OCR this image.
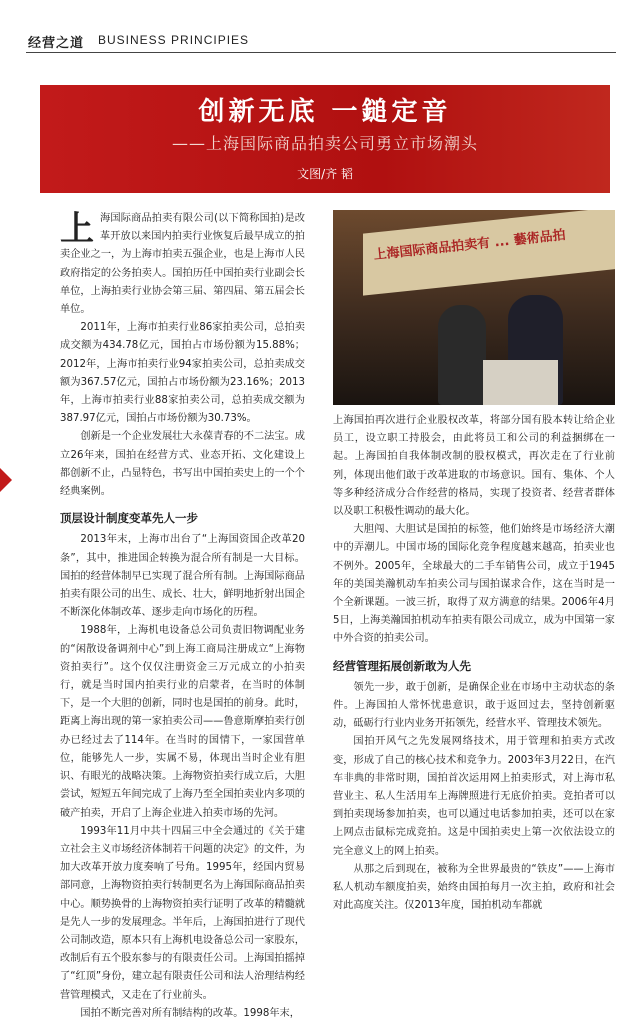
经营之道 BUSINESS PRINCIPIES
创新无底 一鎚定音
——上海国际商品拍卖公司勇立市场潮头
文图/齐 韬

上海国际商品拍卖有限公司(以下简称国拍)是改革开放以来国内拍卖行业恢复后最早成立的拍卖企业之一，为上海市拍卖五强企业，也是上海市人民政府指定的公务拍卖人。国拍历任中国拍卖行业副会长单位，上海拍卖行业协会第三届、第四届、第五届会长单位。

2011年，上海市拍卖行业86家拍卖公司，总拍卖成交额为434.78亿元，国拍占市场份额为15.88%；2012年，上海市拍卖行业94家拍卖公司，总拍卖成交额为367.57亿元，国拍占市场份额为23.16%；2013年，上海市拍卖行业88家拍卖公司，总拍卖成交额为387.97亿元，国拍占市场份额为30.73%。

创新是一个企业发展壮大永葆青春的不二法宝。成立26年来，国拍在经营方式、业态开拓、文化建设上都创新不止，凸显特色，书写出中国拍卖史上的一个个经典案例。

顶层设计制度变革先人一步

2013年末，上海市出台了“上海国资国企改革20条”，其中，推进国企转换为混合所有制是一大目标。国拍的经营体制早已实现了混合所有制。上海国际商品拍卖有限公司的出生、成长、壮大，鲜明地折射出国企不断深化体制改革、逐步走向市场化的历程。

1988年，上海机电设备总公司负责旧物调配业务的“闲散设备调剂中心”到上海工商局注册成立“上海物资拍卖行”。这个仅仅注册资金三万元成立的小拍卖行，就是当时国内拍卖行业的启蒙者，在当时的体制下，是一个大胆的创新，同时也是国拍的前身。此时，距离上海出现的第一家拍卖公司——鲁意斯摩拍卖行创办已经过去了114年。在当时的国情下，一家国营单位，能够先人一步，实属不易，体现出当时企业有胆识、有眼光的战略决策。上海物资拍卖行成立后，大胆尝试，短短五年间完成了上海乃至全国拍卖业内多项的破产拍卖，开启了上海企业进入拍卖市场的先河。

1993年11月中共十四届三中全会通过的《关于建立社会主义市场经济体制若干问题的决定》的文件，为加大改革开放力度奏响了号角。1995年，经国内贸易部同意，上海物资拍卖行转制更名为上海国际商品拍卖中心。顺势换骨的上海物资拍卖行证明了改革的精髓就是先人一步的发展理念。半年后，上海国拍进行了现代公司制改造，原本只有上海机电设备总公司一家股东，改制后有五个股东参与的有限责任公司。上海国拍摇掉了“红顶”身份，建立起有限责任公司和法人治理结构经营管理模式，又走在了行业前头。

国拍不断完善对所有制结构的改革。1998年末，

上海国际商品拍卖有 ... 藝術品拍

上海国拍再次进行企业股权改革，将部分国有股本转让给企业员工，设立职工持股会，由此将员工和公司的利益捆绑在一起。上海国拍自我体制改制的股权模式，再次走在了行业前列，体现出他们敢于改革进取的市场意识。国有、集体、个人等多种经济成分合作经营的格局，实现了投资者、经营者群体以及职工积极性调动的最大化。

大胆闯、大胆试是国拍的标签，他们始终是市场经济大潮中的弄潮儿。中国市场的国际化竞争程度越来越高，拍卖业也不例外。2005年，全球最大的二手车销售公司，成立于1945年的美国美瀚机动车拍卖公司与国拍谋求合作，这在当时是一个全新课题。一波三折，取得了双方满意的结果。2006年4月5日，上海美瀚国拍机动车拍卖有限公司成立，成为中国第一家中外合资的拍卖公司。

经营管理拓展创新敢为人先

领先一步，敢于创新，是确保企业在市场中主动状态的条件。上海国拍人常怀忧患意识，敢于返回过去，坚持创新驱动，砥砺行行业内业务开拓领先，经营水平、管理技术领先。

国拍开风气之先发展网络技术，用于管理和拍卖方式改变，形成了自己的核心技术和竞争力。2003年3月22日，在汽车非典的非常时期，国拍首次运用网上拍卖形式，对上海市私营业主、私人生活用车上海牌照进行无底价拍卖。竞拍者可以到拍卖现场参加拍卖，也可以通过电话参加拍卖，还可以在家上网点击鼠标完成竞拍。这是中国拍卖史上第一次依法设立的完全意义上的网上拍卖。

从那之后到现在，被称为全世界最贵的“铁皮”——上海市私人机动车额度拍卖，始终由国拍每月一次主拍，政府和社会对此高度关注。仅2013年度，国拍机动车都就
